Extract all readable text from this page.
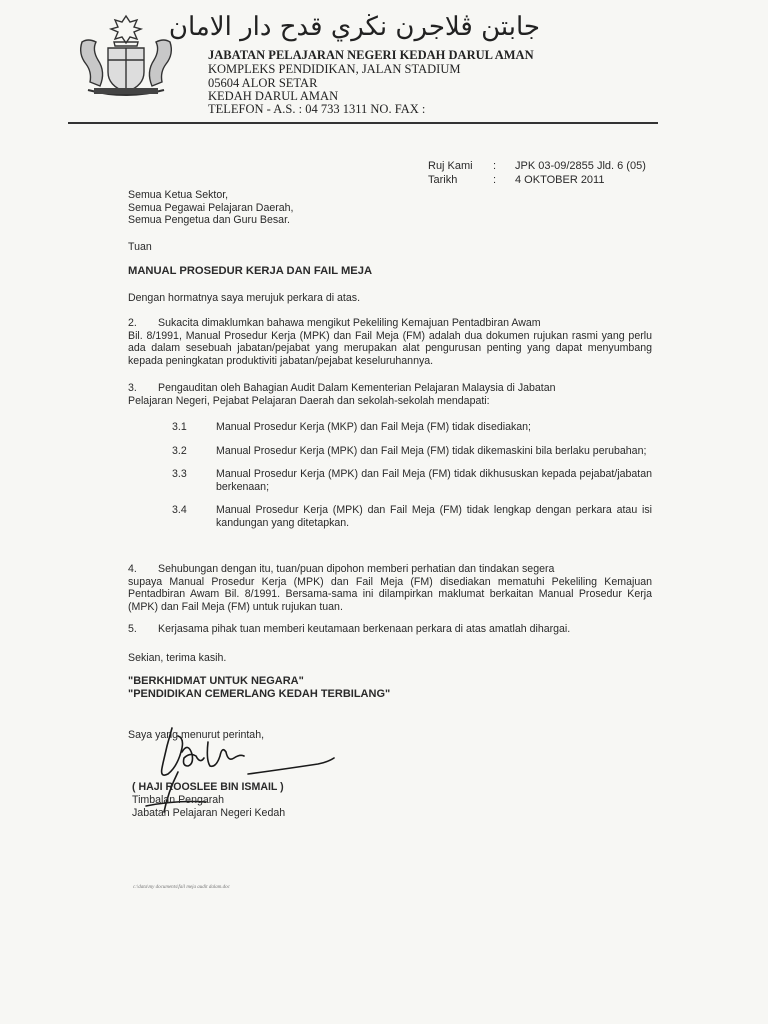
جابتن ڤلاجرن نڬري قدح دار الامان
JABATAN PELAJARAN NEGERI KEDAH DARUL AMAN
KOMPLEKS PENDIDIKAN, JALAN STADIUM
05604 ALOR SETAR
KEDAH DARUL AMAN
TELEFON - A.S. : 04 733 1311 NO. FAX :
Ruj Kami : JPK 03-09/2855 Jld. 6 (05)
Tarikh	: 4 OKTOBER 2011
Semua Ketua Sektor,
Semua Pegawai Pelajaran Daerah,
Semua Pengetua dan Guru Besar.
Tuan
MANUAL PROSEDUR KERJA DAN FAIL MEJA
Dengan hormatnya saya merujuk perkara di atas.
2.	Sukacita dimaklumkan bahawa mengikut Pekeliling Kemajuan Pentadbiran Awam
Bil. 8/1991, Manual Prosedur Kerja (MPK) dan Fail Meja (FM) adalah dua dokumen rujukan rasmi yang perlu ada dalam sesebuah jabatan/pejabat yang merupakan alat pengurusan penting yang dapat menyumbang kepada peningkatan produktiviti jabatan/pejabat keseluruhannya.
3.	Pengauditan oleh Bahagian Audit Dalam Kementerian Pelajaran Malaysia di Jabatan
Pelajaran Negeri, Pejabat Pelajaran Daerah dan sekolah-sekolah mendapati:
3.1	Manual Prosedur Kerja (MKP) dan Fail Meja (FM) tidak disediakan;
3.2	Manual Prosedur Kerja (MPK) dan Fail Meja (FM) tidak dikemaskini bila berlaku perubahan;
3.3	Manual Prosedur Kerja (MPK) dan Fail Meja (FM) tidak dikhususkan kepada pejabat/jabatan berkenaan;
3.4	Manual Prosedur Kerja (MPK) dan Fail Meja (FM) tidak lengkap dengan perkara atau isi kandungan yang ditetapkan.
4.	Sehubungan dengan itu, tuan/puan dipohon memberi perhatian dan tindakan segera
supaya Manual Prosedur Kerja (MPK) dan Fail Meja (FM) disediakan mematuhi Pekeliling Kemajuan Pentadbiran Awam Bil. 8/1991. Bersama-sama ini dilampirkan maklumat berkaitan Manual Prosedur Kerja (MPK) dan Fail Meja (FM) untuk rujukan tuan.
5.	Kerjasama pihak tuan memberi keutamaan berkenaan perkara di atas amatlah dihargai.
Sekian, terima kasih.
"BERKHIDMAT UNTUK NEGARA"
"PENDIDIKAN CEMERLANG KEDAH TERBILANG"
Saya yang menurut perintah,
( HAJI ROOSLEE BIN ISMAIL )
Timbalan Pengarah
Jabatan Pelajaran Negeri Kedah
c:\data\my documents\fail meja audit dalam.doc
